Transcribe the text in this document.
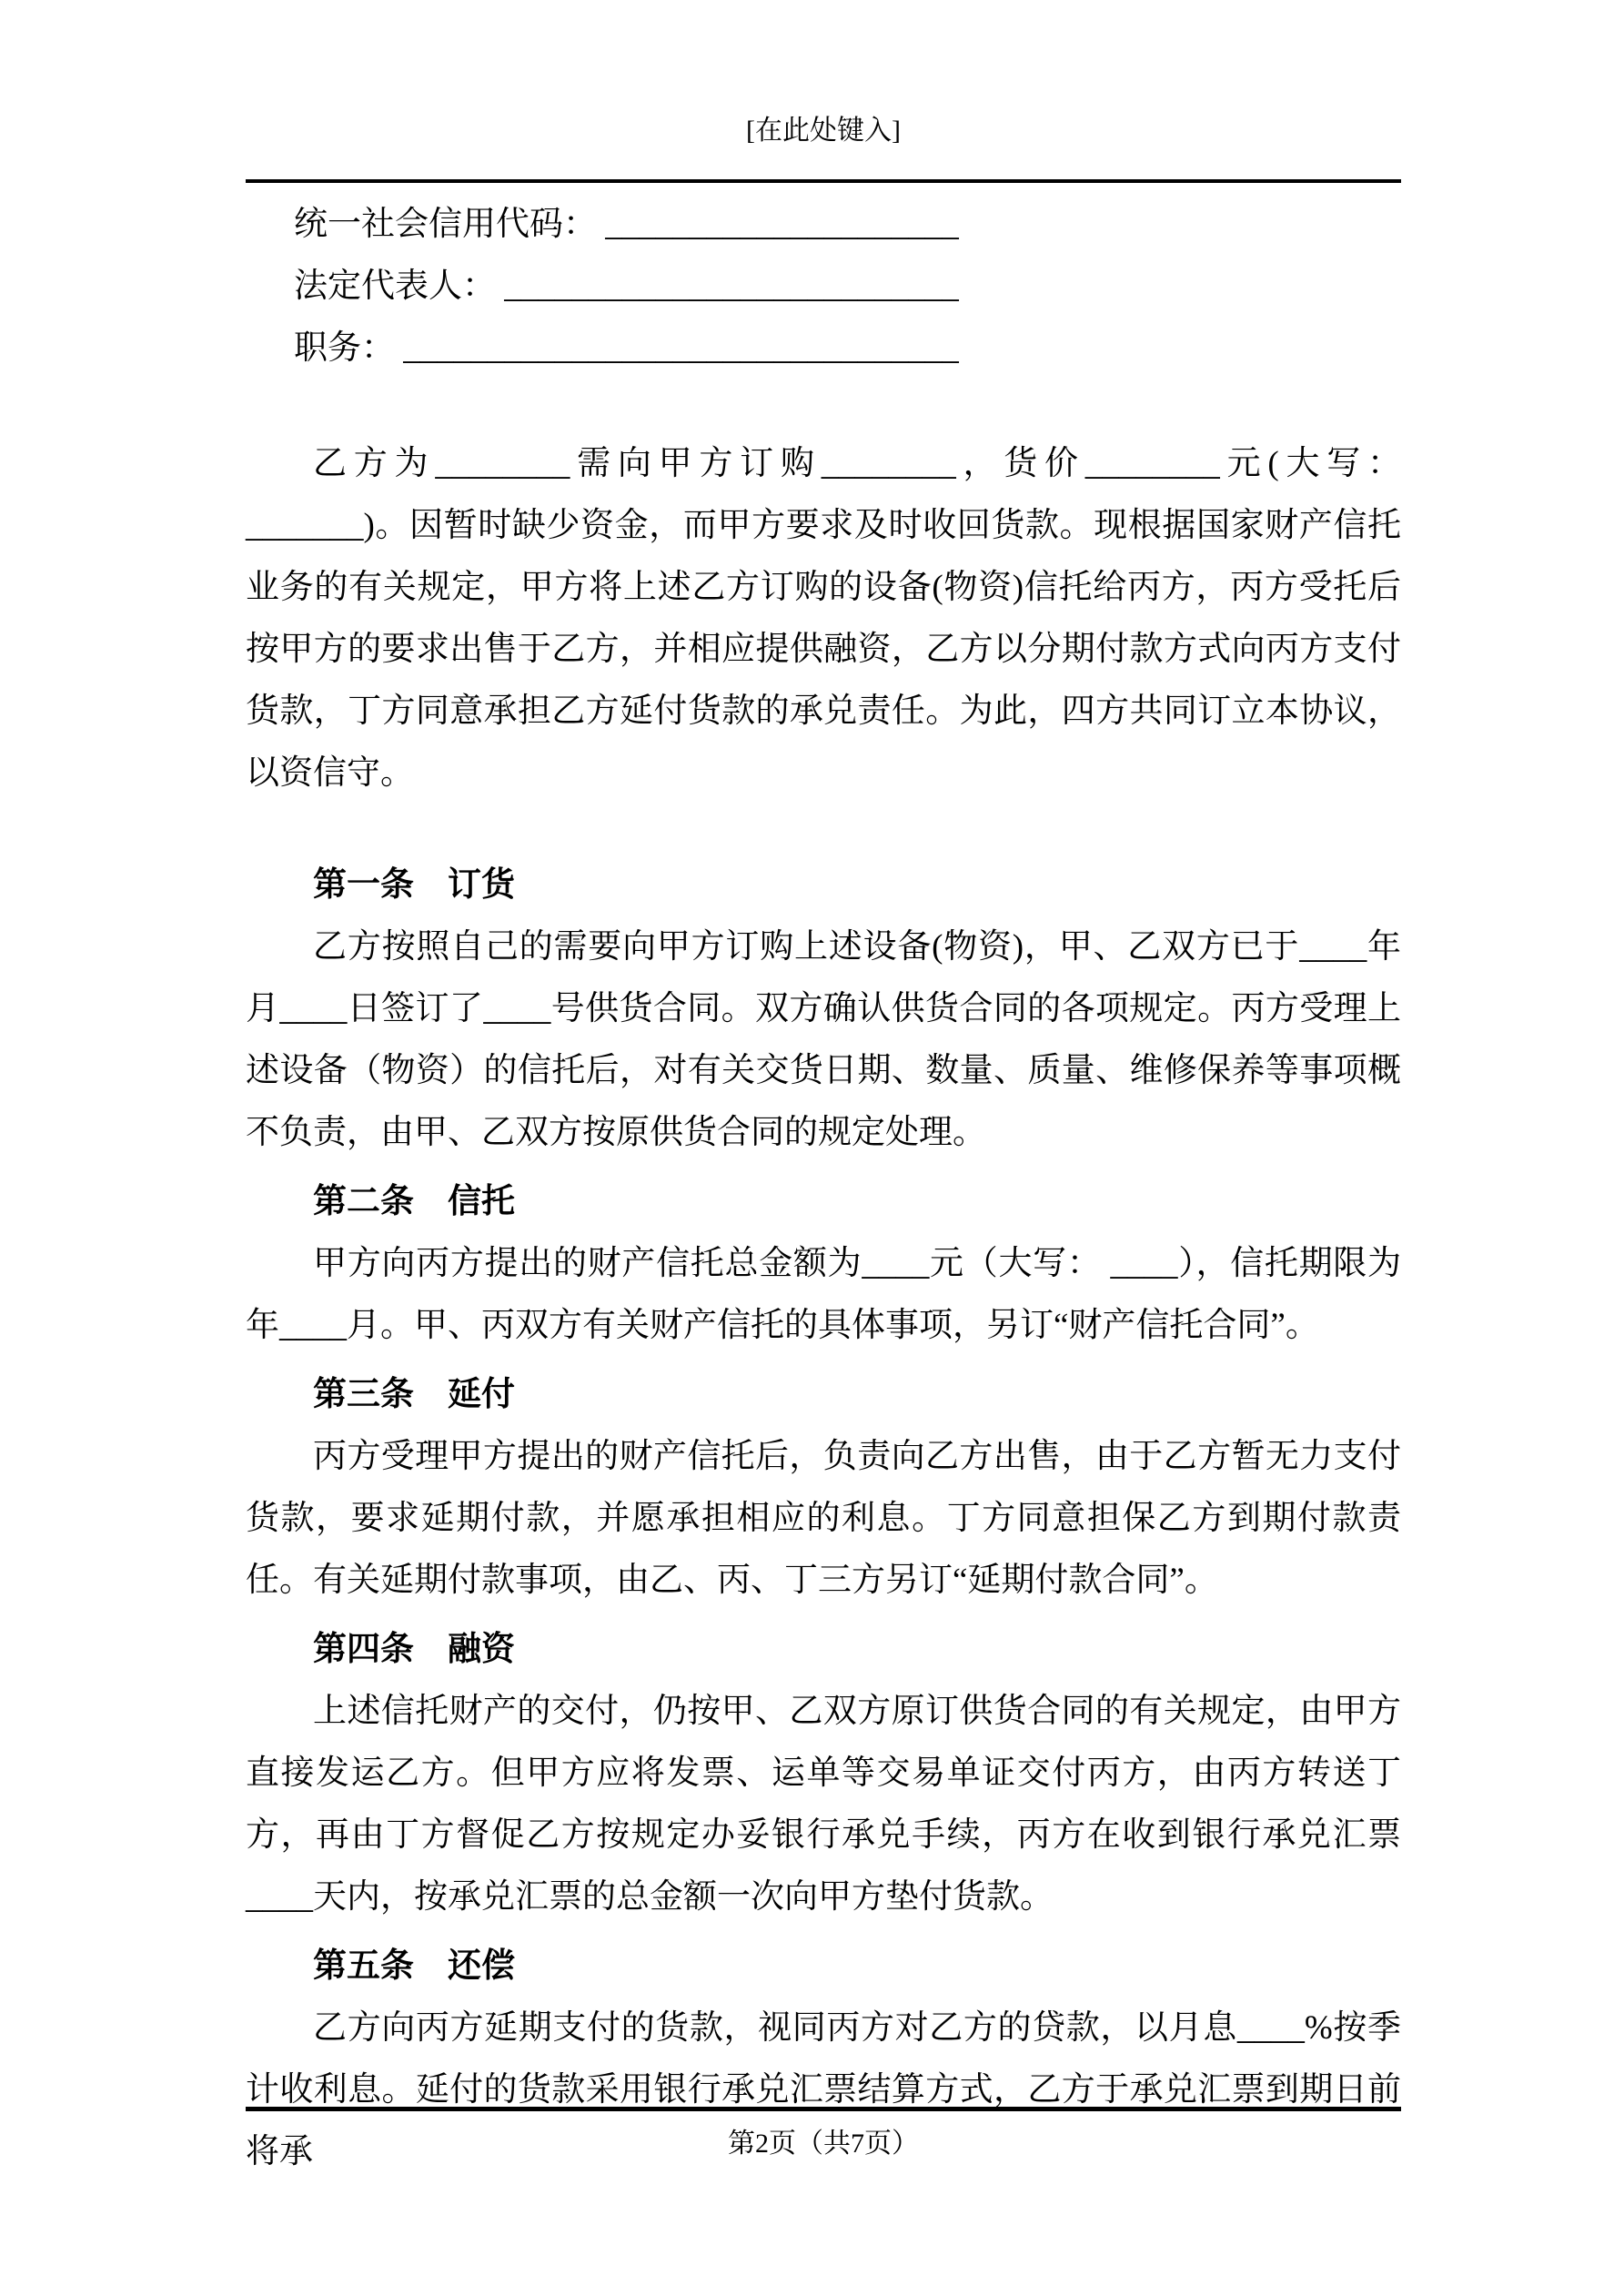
[在此处键入]

统一社会信用代码： _____________________

法定代表人： ___________________________

职务： _________________________________

乙方为________需向甲方订购________，货价________元(大写：_______)。因暂时缺少资金，而甲方要求及时收回货款。现根据国家财产信托业务的有关规定，甲方将上述乙方订购的设备(物资)信托给丙方，丙方受托后按甲方的要求出售于乙方，并相应提供融资，乙方以分期付款方式向丙方支付货款，丁方同意承担乙方延付货款的承兑责任。为此，四方共同订立本协议，以资信守。

第一条　订货

乙方按照自己的需要向甲方订购上述设备(物资)，甲、乙双方已于____年月____日签订了____号供货合同。双方确认供货合同的各项规定。丙方受理上述设备（物资）的信托后，对有关交货日期、数量、质量、维修保养等事项概不负责，由甲、乙双方按原供货合同的规定处理。

第二条　信托

甲方向丙方提出的财产信托总金额为____元（大写： ____），信托期限为年____月。甲、丙双方有关财产信托的具体事项，另订“财产信托合同”。

第三条　延付

丙方受理甲方提出的财产信托后，负责向乙方出售，由于乙方暂无力支付货款，要求延期付款，并愿承担相应的利息。丁方同意担保乙方到期付款责任。有关延期付款事项，由乙、丙、丁三方另订“延期付款合同”。

第四条　融资

上述信托财产的交付，仍按甲、乙双方原订供货合同的有关规定，由甲方直接发运乙方。但甲方应将发票、运单等交易单证交付丙方，由丙方转送丁方，再由丁方督促乙方按规定办妥银行承兑手续，丙方在收到银行承兑汇票____天内，按承兑汇票的总金额一次向甲方垫付货款。

第五条　还偿

乙方向丙方延期支付的货款，视同丙方对乙方的贷款，以月息____%按季计收利息。延付的货款采用银行承兑汇票结算方式，乙方于承兑汇票到期日前将承	第2页（共7页）
